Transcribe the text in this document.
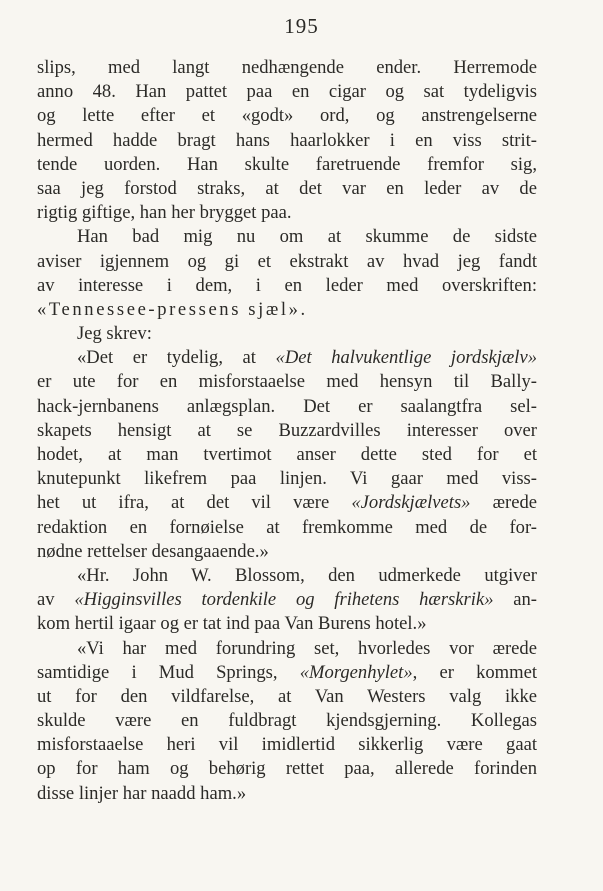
195
slips, med langt nedhængende ender. Herremode
anno 48. Han pattet paa en cigar og sat tydeligvis
og lette efter et «godt» ord, og anstrengelserne
hermed hadde bragt hans haarlokker i en viss strit-
tende uorden. Han skulte faretruende fremfor sig,
saa jeg forstod straks, at det var en leder av de
rigtig giftige, han her brygget paa.
Han bad mig nu om at skumme de sidste
aviser igjennem og gi et ekstrakt av hvad jeg fandt
av interesse i dem, i en leder med overskriften:
«Tennessee-pressens sjæl».
Jeg skrev:
«Det er tydelig, at «Det halvukentlige jordskjælv»
er ute for en misforstaaelse med hensyn til Bally-
hack-jernbanens anlægsplan. Det er saalangtfra sel-
skapets hensigt at se Buzzardvilles interesser over
hodet, at man tvertimot anser dette sted for et
knutepunkt likefrem paa linjen. Vi gaar med viss-
het ut ifra, at det vil være «Jordskjælvets» ærede
redaktion en fornøielse at fremkomme med de for-
nødne rettelser desangaaende.»
«Hr. John W. Blossom, den udmerkede utgiver
av «Higginsvilles tordenkile og frihetens hærskrik» an-
kom hertil igaar og er tat ind paa Van Burens hotel.»
«Vi har med forundring set, hvorledes vor ærede
samtidige i Mud Springs, «Morgenhylet», er kommet
ut for den vildfarelse, at Van Westers valg ikke
skulde være en fuldbragt kjendsgjerning. Kollegas
misforstaaelse heri vil imidlertid sikkerlig være gaat
op for ham og behørig rettet paa, allerede forinden
disse linjer har naadd ham.»
